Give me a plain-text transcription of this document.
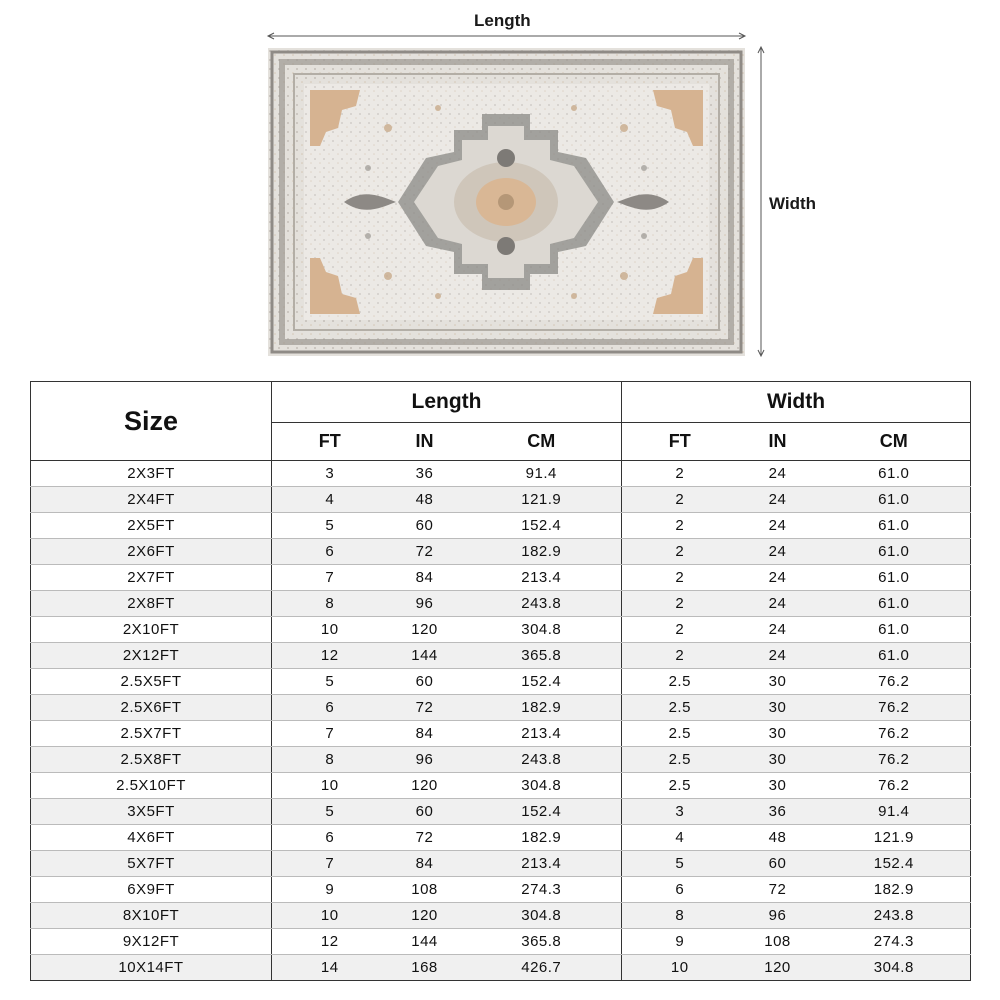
Length
Width
Size	Length			Width		
	FT	IN	CM	FT	IN	CM
2X3FT	3	36	91.4	2	24	61.0
2X4FT	4	48	121.9	2	24	61.0
2X5FT	5	60	152.4	2	24	61.0
2X6FT	6	72	182.9	2	24	61.0
2X7FT	7	84	213.4	2	24	61.0
2X8FT	8	96	243.8	2	24	61.0
2X10FT	10	120	304.8	2	24	61.0
2X12FT	12	144	365.8	2	24	61.0
2.5X5FT	5	60	152.4	2.5	30	76.2
2.5X6FT	6	72	182.9	2.5	30	76.2
2.5X7FT	7	84	213.4	2.5	30	76.2
2.5X8FT	8	96	243.8	2.5	30	76.2
2.5X10FT	10	120	304.8	2.5	30	76.2
3X5FT	5	60	152.4	3	36	91.4
4X6FT	6	72	182.9	4	48	121.9
5X7FT	7	84	213.4	5	60	152.4
6X9FT	9	108	274.3	6	72	182.9
8X10FT	10	120	304.8	8	96	243.8
9X12FT	12	144	365.8	9	108	274.3
10X14FT	14	168	426.7	10	120	304.8
